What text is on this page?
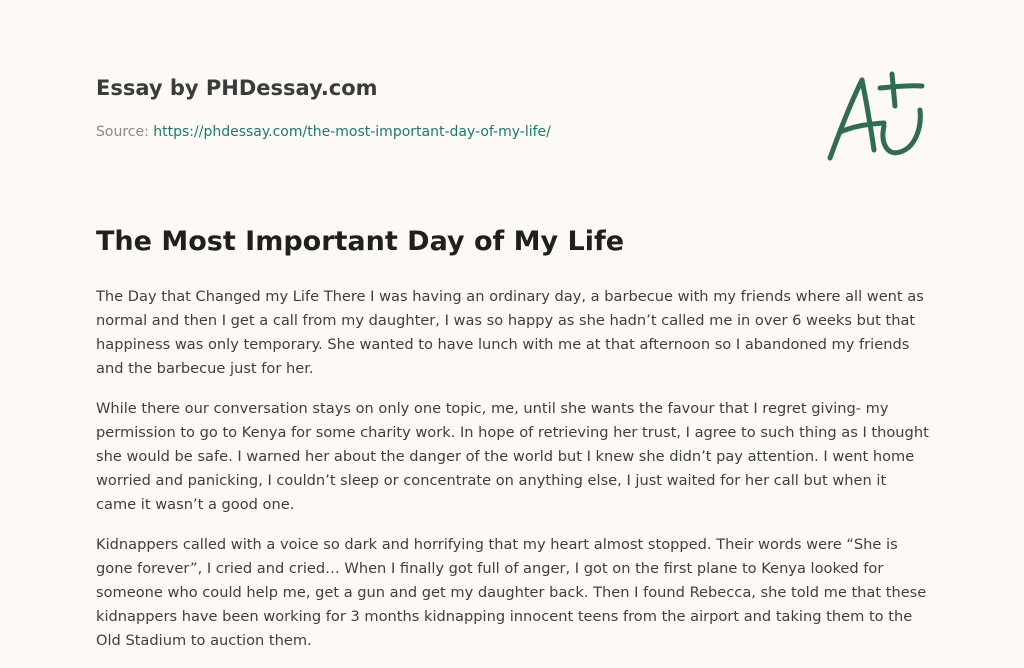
Essay by PHDessay.com
Source: https://phdessay.com/the-most-important-day-of-my-life/
The Most Important Day of My Life

The Day that Changed my Life There I was having an ordinary day, a barbecue with my friends where all went as normal and then I get a call from my daughter, I was so happy as she hadn’t called me in over 6 weeks but that happiness was only temporary. She wanted to have lunch with me at that afternoon so I abandoned my friends and the barbecue just for her.

While there our conversation stays on only one topic, me, until she wants the favour that I regret giving- my permission to go to Kenya for some charity work. In hope of retrieving her trust, I agree to such thing as I thought she would be safe. I warned her about the danger of the world but I knew she didn’t pay attention. I went home worried and panicking, I couldn’t sleep or concentrate on anything else, I just waited for her call but when it came it wasn’t a good one.

Kidnappers called with a voice so dark and horrifying that my heart almost stopped. Their words were “She is gone forever”, I cried and cried… When I finally got full of anger, I got on the first plane to Kenya looked for someone who could help me, get a gun and get my daughter back. Then I found Rebecca, she told me that these kidnappers have been working for 3 months kidnapping innocent teens from the airport and taking them to the Old Stadium to auction them.
